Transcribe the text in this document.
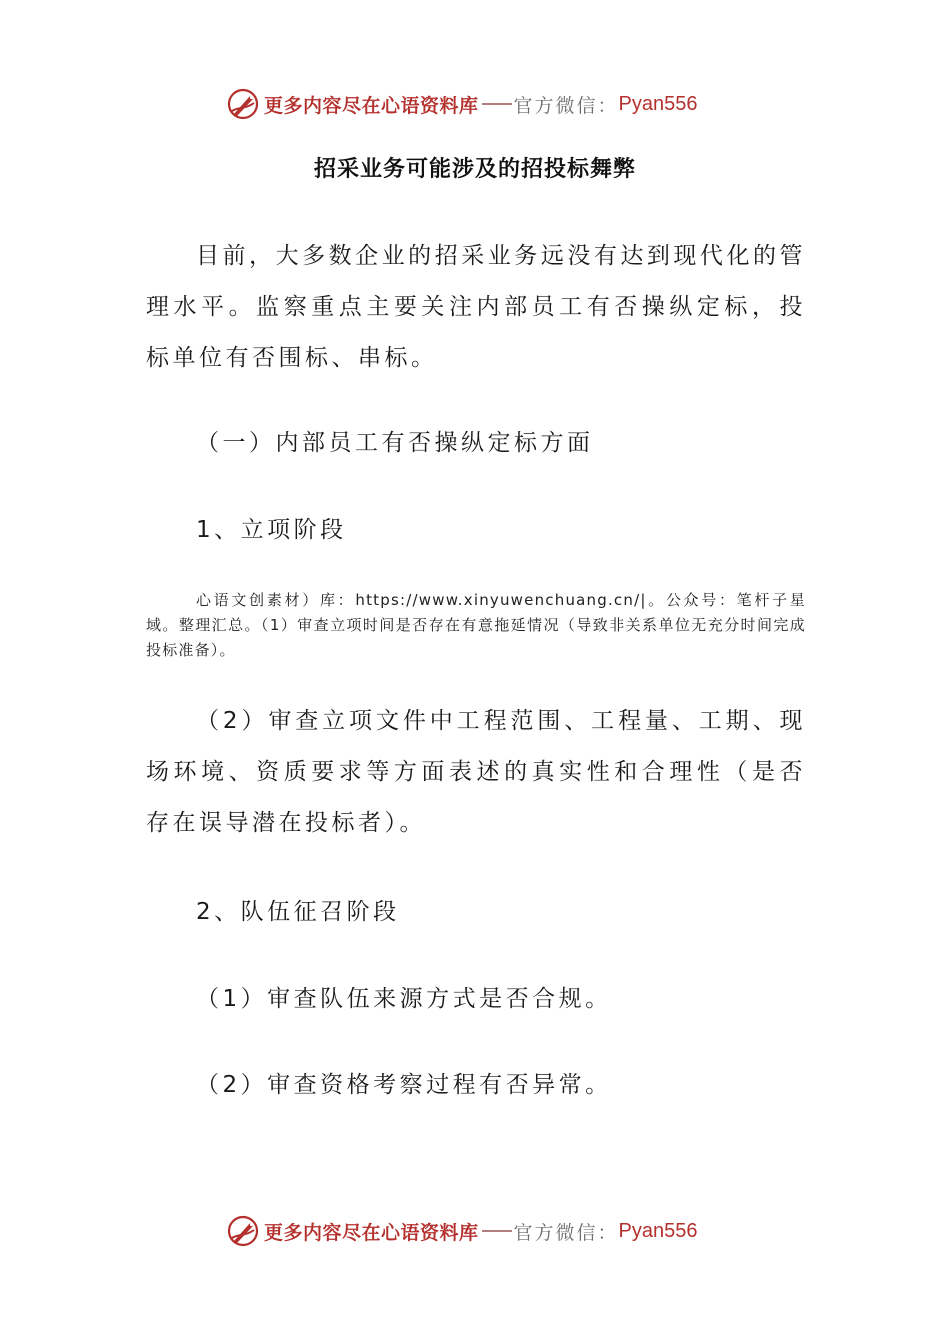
更多内容尽在心语资料库 官方微信： Pyan556
招采业务可能涉及的招投标舞弊
目前，大多数企业的招采业务远没有达到现代化的管理水平。监察重点主要关注内部员工有否操纵定标，投标单位有否围标、串标。
（一）内部员工有否操纵定标方面
1、立项阶段
心语文创素材）库：https://www.xinyuwenchuang.cn/|。公众号：笔杆子星域。整理汇总。（1）审查立项时间是否存在有意拖延情况（导致非关系单位无充分时间完成投标准备）。
（2）审查立项文件中工程范围、工程量、工期、现场环境、资质要求等方面表述的真实性和合理性（是否存在误导潜在投标者）。
2、队伍征召阶段
（1）审查队伍来源方式是否合规。
（2）审查资格考察过程有否异常。
更多内容尽在心语资料库 官方微信： Pyan556
